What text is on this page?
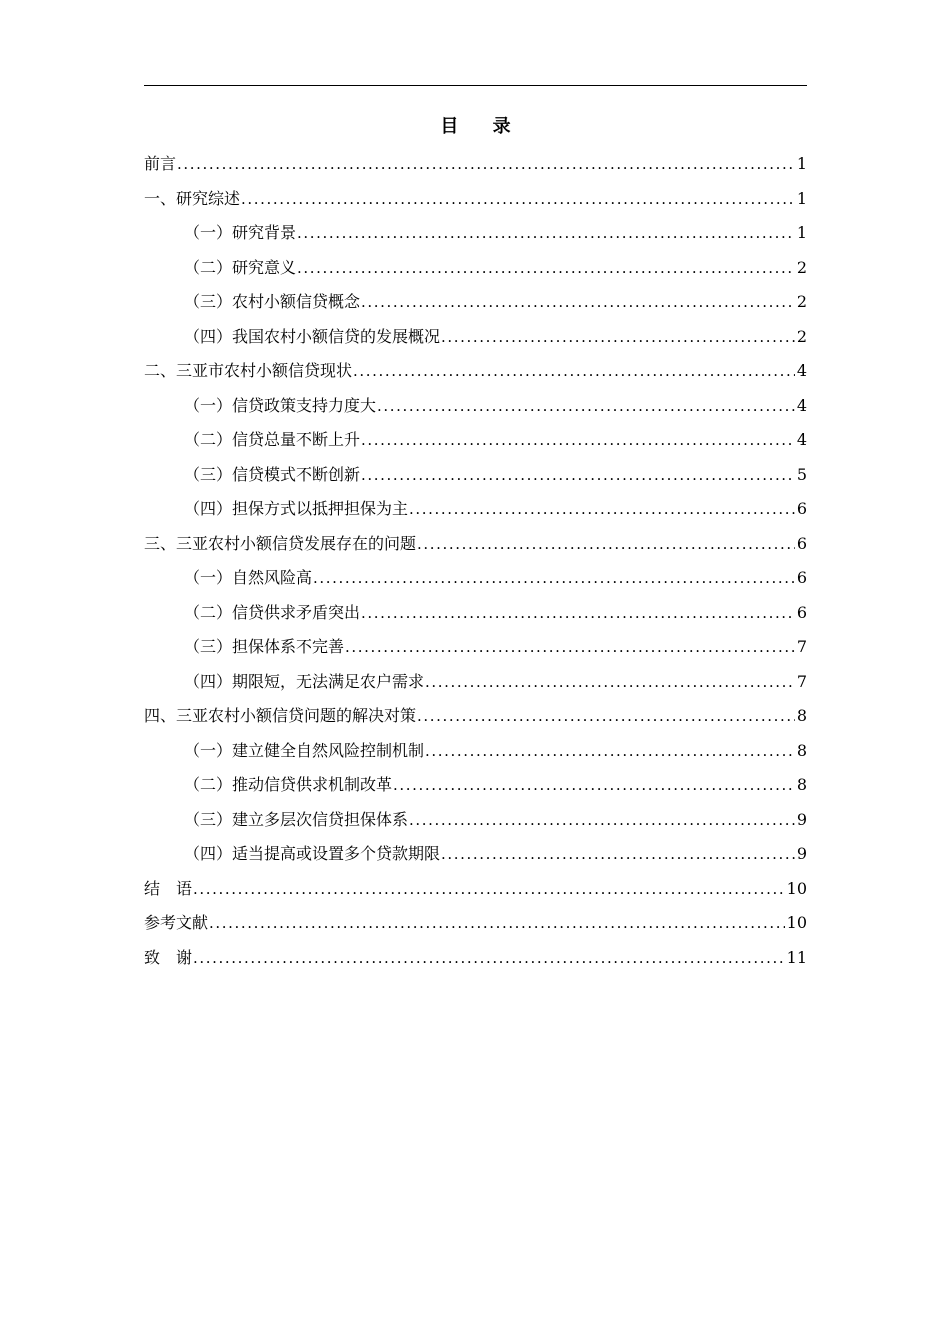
目 录
前言 .....	1
一、研究综述 .....	1
（一）研究背景 .....	1
（二）研究意义 .....	2
（三）农村小额信贷概念 .....	2
（四）我国农村小额信贷的发展概况 .....	2
二、三亚市农村小额信贷现状 .....	4
（一）信贷政策支持力度大 .....	4
（二）信贷总量不断上升 .....	4
（三）信贷模式不断创新 .....	5
（四）担保方式以抵押担保为主 .....	6
三、三亚农村小额信贷发展存在的问题 .....	6
（一）自然风险高 .....	6
（二）信贷供求矛盾突出 .....	6
（三）担保体系不完善 .....	7
（四）期限短，无法满足农户需求 .....	7
四、三亚农村小额信贷问题的解决对策 .....	8
（一）建立健全自然风险控制机制 .....	8
（二）推动信贷供求机制改革 .....	8
（三）建立多层次信贷担保体系 .....	9
（四）适当提高或设置多个贷款期限 .....	9
结　语 .....	10
参考文献 .....	10
致　谢 .....	11
